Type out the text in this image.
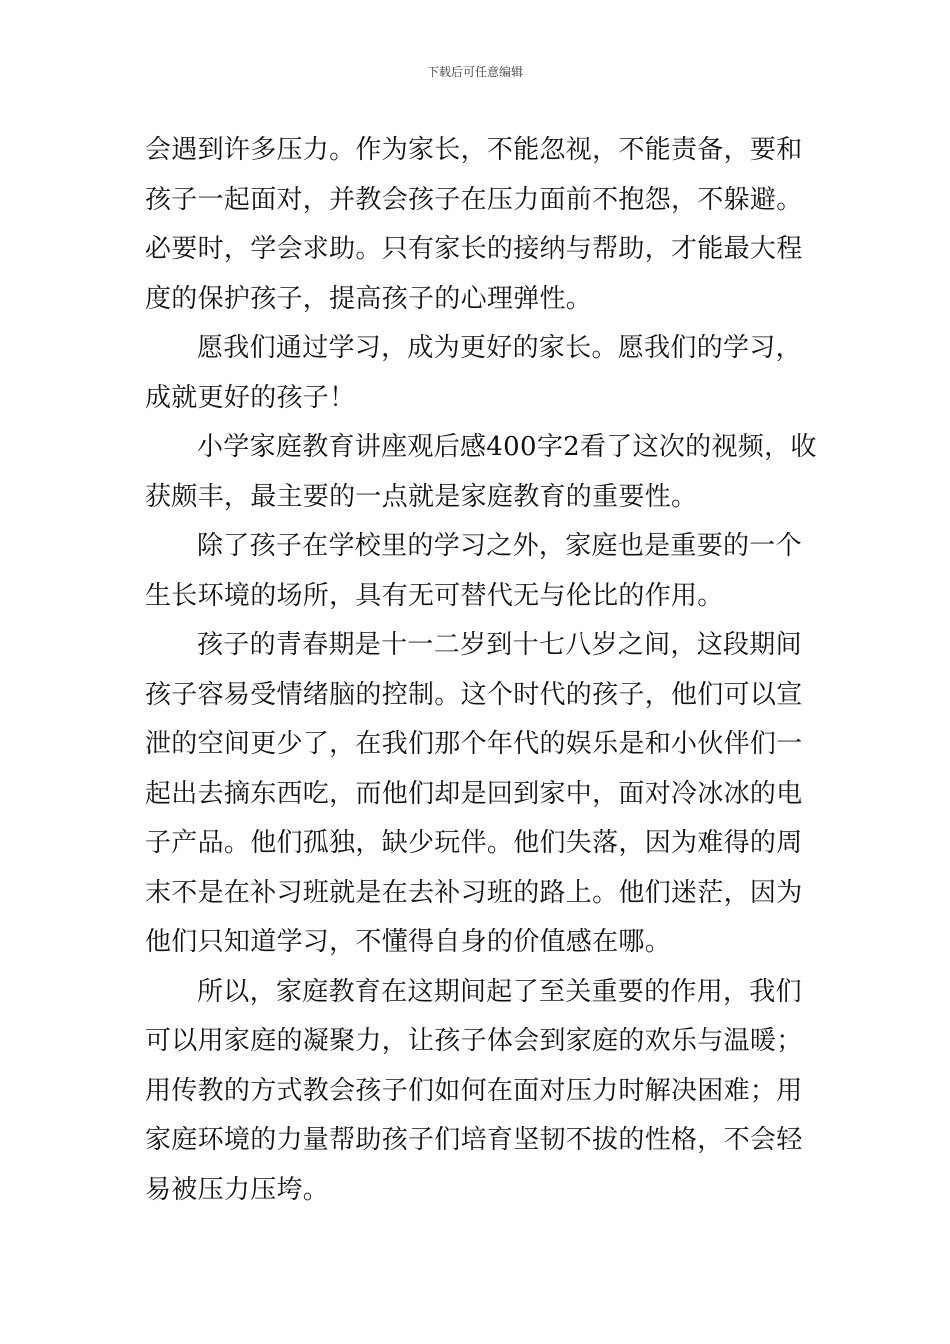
下载后可任意编辑

会遇到许多压力。作为家长，不能忽视，不能责备，要和
孩子一起面对，并教会孩子在压力面前不抱怨，不躲避。
必要时，学会求助。只有家长的接纳与帮助，才能最大程
度的保护孩子，提高孩子的心理弹性。

愿我们通过学习，成为更好的家长。愿我们的学习，
成就更好的孩子！

小学家庭教育讲座观后感400字2看了这次的视频，收
获颇丰，最主要的一点就是家庭教育的重要性。

除了孩子在学校里的学习之外，家庭也是重要的一个
生长环境的场所，具有无可替代无与伦比的作用。

孩子的青春期是十一二岁到十七八岁之间，这段期间
孩子容易受情绪脑的控制。这个时代的孩子，他们可以宣
泄的空间更少了，在我们那个年代的娱乐是和小伙伴们一
起出去摘东西吃，而他们却是回到家中，面对冷冰冰的电
子产品。他们孤独，缺少玩伴。他们失落，因为难得的周
末不是在补习班就是在去补习班的路上。他们迷茫，因为
他们只知道学习，不懂得自身的价值感在哪。

所以，家庭教育在这期间起了至关重要的作用，我们
可以用家庭的凝聚力，让孩子体会到家庭的欢乐与温暖；
用传教的方式教会孩子们如何在面对压力时解决困难；用
家庭环境的力量帮助孩子们培育坚韧不拔的性格，不会轻
易被压力压垮。
